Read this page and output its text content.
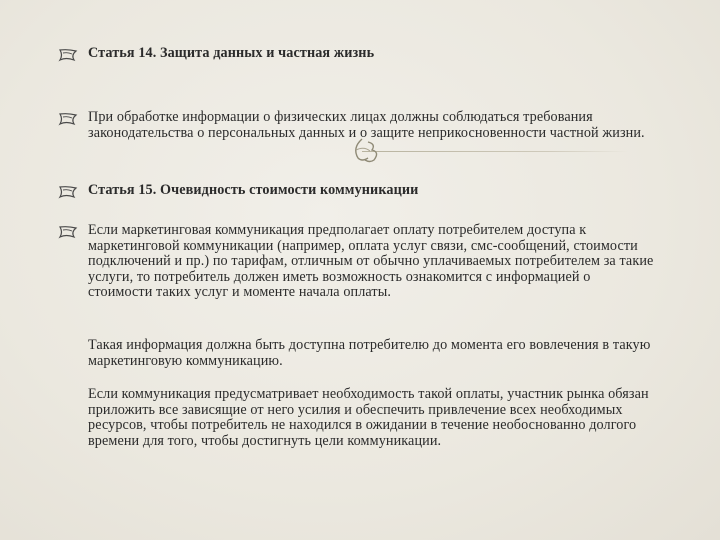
Статья 14. Защита данных и частная жизнь
При обработке информации о физических лицах должны соблюдаться требования законодательства о персональных данных и о защите неприкосновенности частной жизни.
Статья 15. Очевидность стоимости коммуникации
Если маркетинговая коммуникация предполагает оплату потребителем доступа к маркетинговой коммуникации (например, оплата услуг связи, смс-сообщений, стоимости подключений и пр.) по тарифам, отличным от обычно уплачиваемых потребителем за такие услуги, то потребитель должен иметь возможность ознакомится с информацией о стоимости таких услуг и моменте начала оплаты.
Такая информация должна быть доступна потребителю до момента его вовлечения в такую маркетинговую коммуникацию.
Если коммуникация предусматривает необходимость такой оплаты, участник рынка обязан приложить все зависящие от него усилия и обеспечить привлечение всех необходимых ресурсов, чтобы потребитель не находился в ожидании в течение необоснованно долгого времени для того, чтобы достигнуть цели коммуникации.
